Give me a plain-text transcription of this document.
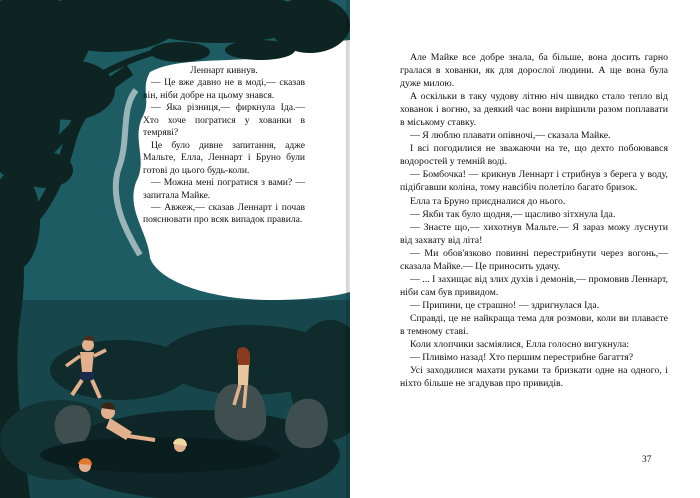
Леннарт кивнув.

— Це вже давно не в моді,— сказав він, ніби добре на цьому знався.

— Яка різниця,— фиркнула Іда.— Хто хоче погратися у хованки в темряві?

Це було дивне запитання, адже Мальте, Елла, Леннарт і Бруно були готові до цього будь-коли.

— Можна мені погратися з вами? — запитала Майке.

— Авжеж,— сказав Леннарт і почав пояснювати про всяк випадок правила.

Але Майке все добре знала, ба більше, вона досить гарно гралася в хованки, як для дорослої людини. А ще вона була дуже милою.

А оскільки в таку чудову літню ніч швидко стало тепло від хованок і вогню, за деякий час вони вирішили разом поплавати в міському ставку.

— Я люблю плавати опівночі,— сказала Майке.

І всі погодилися не зважаючи на те, що дехто побоювався водоростей у темній воді.

— Бомбочка! — крикнув Леннарт і стрибнув з берега у воду, підібгавши коліна, тому навсібіч полетіло багато бризок.

Елла та Бруно приєдналися до нього.

— Якби так було щодня,— щасливо зітхнула Іда.

— Знаєте що,— хихотнув Мальте.— Я зараз можу луснути від захвату від літа!

— Ми обов'язково повинні перестрибнути через вогонь,— сказала Майке.— Це приносить удачу.

— ... І захищає від злих духів і демонів,— промовив Леннарт, ніби сам був привидом.

— Припини, це страшно! — здригнулася Іда.

Справді, це не найкраща тема для розмови, коли ви плаваєте в темному ставі.

Коли хлопчики засміялися, Елла голосно вигукнула:

— Пливімо назад! Хто першим перестрибне багаття?

Усі заходилися махати руками та бризкати одне на одного, і ніхто більше не згадував про привидів.

37
